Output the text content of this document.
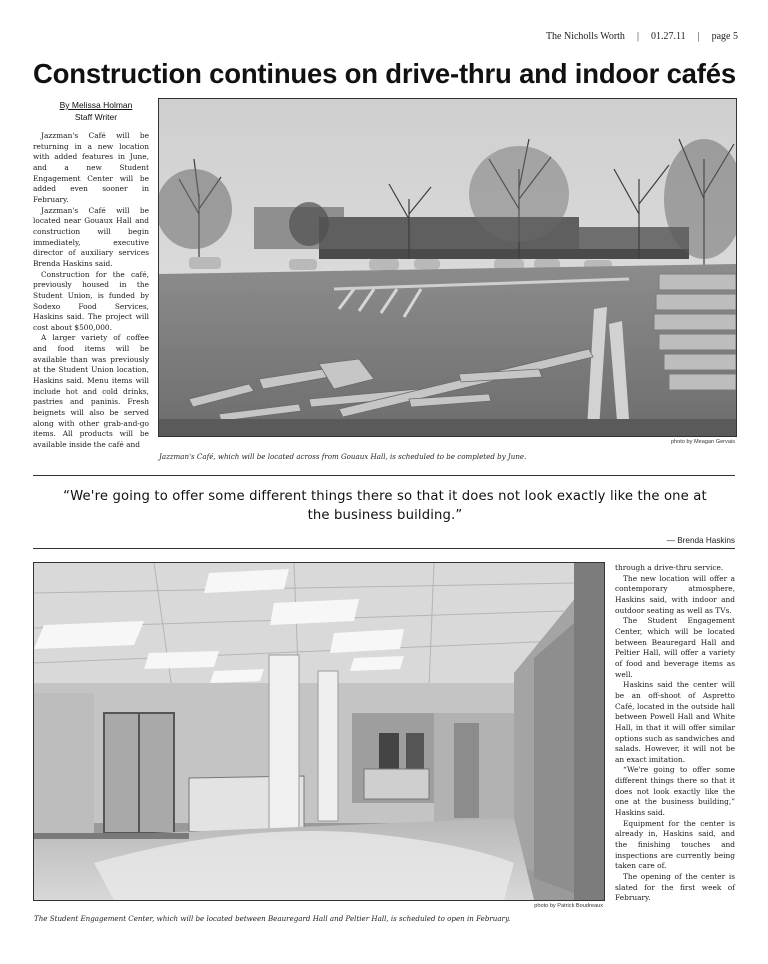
The Nicholls Worth | 01.27.11 | page 5
Construction continues on drive-thru and indoor cafés
By Melissa Holman
Staff Writer

Jazzman's Café will be returning in a new location with added features in June, and a new Student Engagement Center will be added even sooner in February.

Jazzman's Café will be located near Gouaux Hall and construction will begin immediately, executive director of auxiliary services Brenda Haskins said.

Construction for the café, previously housed in the Student Union, is funded by Sodexo Food Services, Haskins said. The project will cost about $500,000.

A larger variety of coffee and food items will be available than was previously at the Student Union location, Haskins said. Menu items will include hot and cold drinks, pastries and paninis. Fresh beignets will also be served along with other grab-and-go items. All products will be available inside the café and	photo by Meagan Gervais
Jazzman's Café, which will be located across from Gouaux Hall, is scheduled to be completed by June.
“We're going to offer some different things there so that it does not look exactly like the one at the business building.”
— Brenda Haskins
photo by Patrick Boudreaux
The Student Engagement Center, which will be located between Beauregard Hall and Peltier Hall, is scheduled to open in February.

through a drive-thru service.

The new location will offer a contemporary atmosphere, Haskins said, with indoor and outdoor seating as well as TVs.

The Student Engagement Center, which will be located between Beauregard Hall and Peltier Hall, will offer a variety of food and beverage items as well.

Haskins said the center will be an off-shoot of Aspretto Café, located in the outside hall between Powell Hall and White Hall, in that it will offer similar options such as sandwiches and salads. However, it will not be an exact imitation.

“We're going to offer some different things there so that it does not look exactly like the one at the business building,” Haskins said.

Equipment for the center is already in, Haskins said, and the finishing touches and inspections are currently being taken care of.

The opening of the center is slated for the first week of February.
